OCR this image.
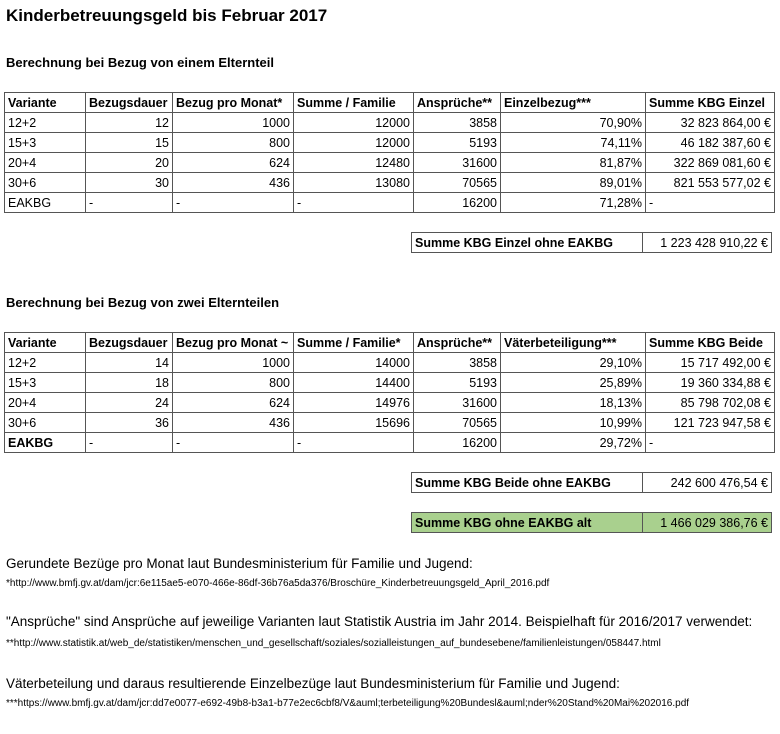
Kinderbetreuungsgeld bis Februar 2017
Berechnung bei Bezug von einem Elternteil
Variante	Bezugsdauer	Bezug pro Monat*	Summe / Familie	Ansprüche**	Einzelbezug***	Summe KBG Einzel
12+2	12	1000	12000	3858	70,90%	32 823 864,00 €
15+3	15	800	12000	5193	74,11%	46 182 387,60 €
20+4	20	624	12480	31600	81,87%	322 869 081,60 €
30+6	30	436	13080	70565	89,01%	821 553 577,02 €
EAKBG	-	-	-	16200	71,28%	-
Summe KBG Einzel ohne EAKBG	1 223 428 910,22 €
Berechnung bei Bezug von zwei Elternteilen
Variante	Bezugsdauer	Bezug pro Monat ~	Summe / Familie*	Ansprüche**	Väterbeteiligung***	Summe KBG Beide
12+2	14	1000	14000	3858	29,10%	15 717 492,00 €
15+3	18	800	14400	5193	25,89%	19 360 334,88 €
20+4	24	624	14976	31600	18,13%	85 798 702,08 €
30+6	36	436	15696	70565	10,99%	121 723 947,58 €
EAKBG	-	-	-	16200	29,72%	-
Summe KBG Beide ohne EAKBG	242 600 476,54 €
Summe KBG ohne EAKBG alt	1 466 029 386,76 €
Gerundete Bezüge pro Monat laut Bundesministerium für Familie und Jugend:
*http://www.bmfj.gv.at/dam/jcr:6e115ae5-e070-466e-86df-36b76a5da376/Broschüre_Kinderbetreuungsgeld_April_2016.pdf
"Ansprüche" sind Ansprüche auf jeweilige Varianten laut Statistik Austria im Jahr 2014. Beispielhaft für 2016/2017 verwendet:
**http://www.statistik.at/web_de/statistiken/menschen_und_gesellschaft/soziales/sozialleistungen_auf_bundesebene/familienleistungen/058447.html
Väterbeteilung und daraus resultierende Einzelbezüge laut Bundesministerium für Familie und Jugend:
***https://www.bmfj.gv.at/dam/jcr:dd7e0077-e692-49b8-b3a1-b77e2ec6cbf8/V&auml;terbeteiligung%20Bundesl&auml;nder%20Stand%20Mai%202016.pdf
